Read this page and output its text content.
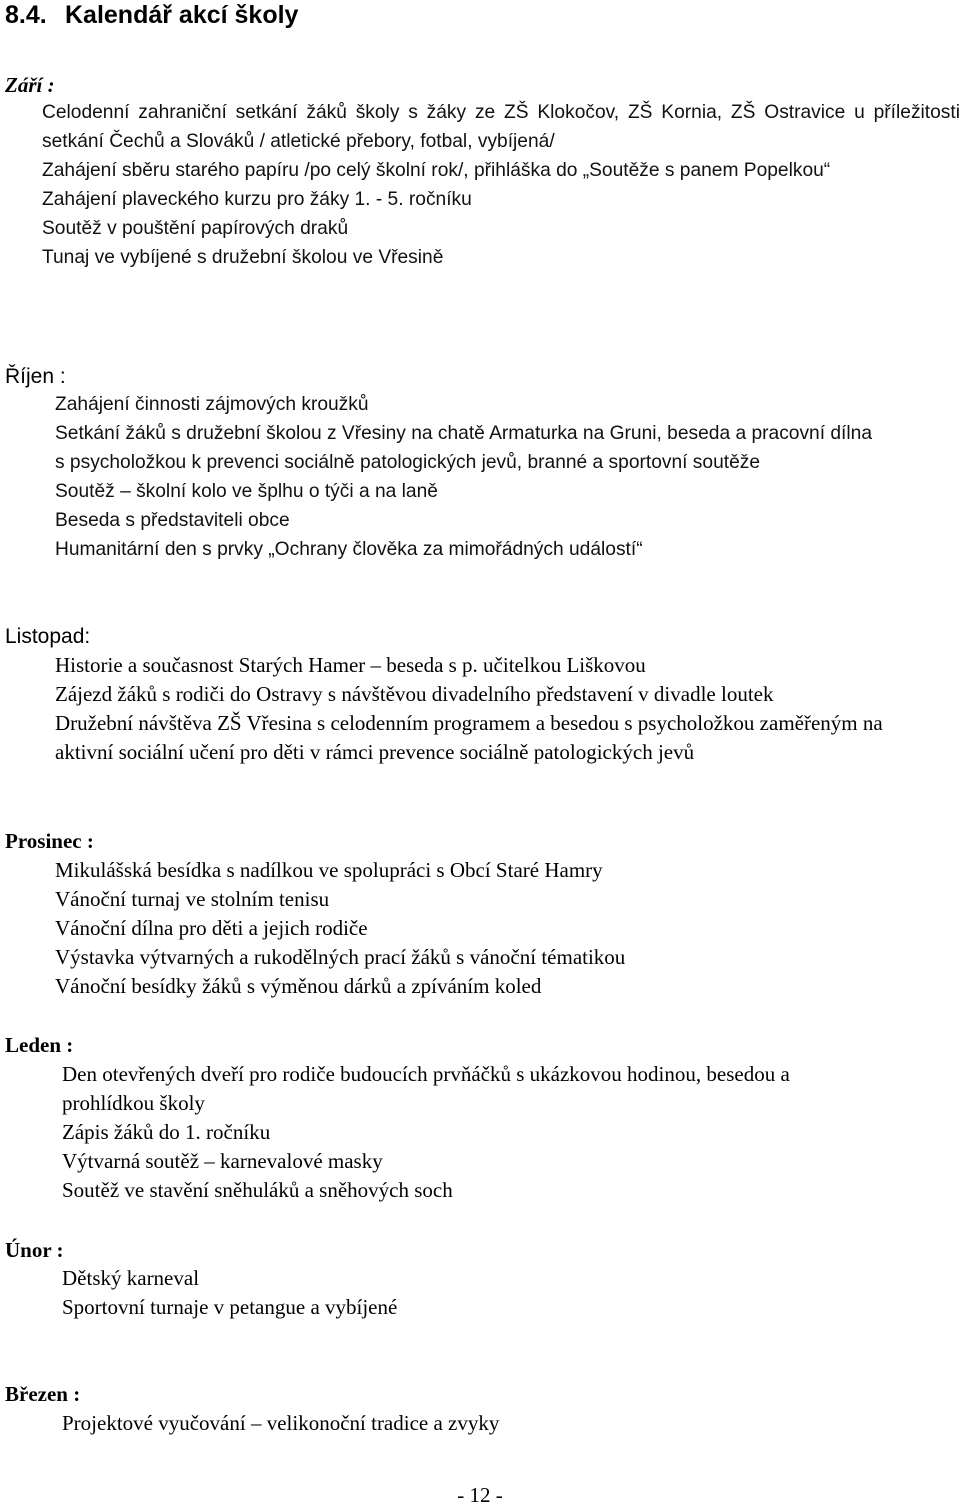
8.4. Kalendář akcí školy
Září :
Celodenní zahraniční setkání žáků školy s žáky ze ZŠ Klokočov, ZŠ Kornia, ZŠ Ostravice u příležitosti setkání Čechů a Slováků / atletické přebory, fotbal, vybíjená/
Zahájení sběru starého papíru /po celý školní rok/, přihláška do „Soutěže s panem Popelkou“
Zahájení plaveckého kurzu pro žáky 1. - 5. ročníku
Soutěž v pouštění papírových draků
Tunaj ve vybíjené s družební školou ve Vřesině
Říjen :
Zahájení činnosti zájmových kroužků
Setkání žáků s družební školou z Vřesiny na chatě Armaturka na Gruni, beseda a pracovní dílna s psycholožkou k prevenci sociálně patologických jevů, branné a sportovní soutěže
Soutěž – školní kolo ve šplhu o týči a na laně
Beseda s představiteli obce
Humanitární den s prvky „Ochrany člověka za mimořádných událostí“
Listopad:
Historie a současnost Starých Hamer – beseda s p. učitelkou Liškovou
Zájezd žáků s rodiči do Ostravy s návštěvou divadelního představení v divadle loutek
Družební návštěva ZŠ Vřesina s celodenním programem a besedou s psycholožkou zaměřeným na aktivní sociální učení pro děti v rámci prevence sociálně patologických jevů
Prosinec :
Mikulášská besídka s nadílkou ve spolupráci s Obcí Staré Hamry
Vánoční turnaj ve stolním tenisu
Vánoční dílna pro děti a jejich rodiče
Výstavka výtvarných a rukodělných prací žáků s vánoční tématikou
Vánoční besídky žáků s výměnou dárků a zpíváním koled
Leden :
Den otevřených dveří pro rodiče budoucích prvňáčků s ukázkovou hodinou, besedou a prohlídkou školy
Zápis žáků do 1. ročníku
Výtvarná soutěž – karnevalové masky
Soutěž ve stavění sněhuláků a sněhových soch
Únor :
Dětský karneval
Sportovní turnaje v petangue a vybíjené
Březen :
Projektové vyučování – velikonoční tradice a zvyky

- 12 -
